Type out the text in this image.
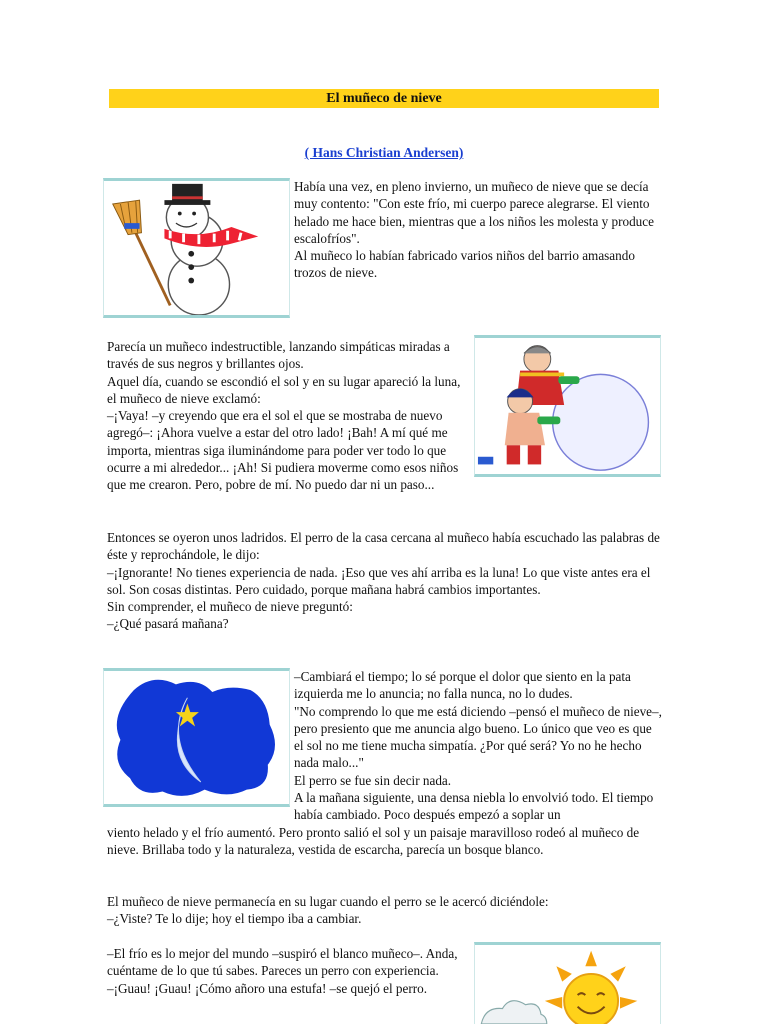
El muñeco de nieve
( Hans Christian Andersen)

Había una vez, en pleno invierno, un muñeco de nieve que se decía muy contento: "Con este frío, mi cuerpo parece alegrarse. El viento helado me hace bien, mientras que a los niños les molesta y produce escalofríos".

Al muñeco lo habían fabricado varios niños del barrio amasando trozos de nieve.

Parecía un muñeco indestructible, lanzando simpáticas miradas a través de sus negros y brillantes ojos.

Aquel día, cuando se escondió el sol y en su lugar apareció la luna, el muñeco de nieve exclamó:

–¡Vaya! –y creyendo que era el sol el que se mostraba de nuevo agregó–: ¡Ahora vuelve a estar del otro lado! ¡Bah! A mí qué me importa, mientras siga iluminándome para poder ver todo lo que ocurre a mi alrededor... ¡Ah! Si pudiera moverme como esos niños que me crearon. Pero, pobre de mí. No puedo dar ni un paso...

Entonces se oyeron unos ladridos. El perro de la casa cercana al muñeco había escuchado las palabras de éste y reprochándole, le dijo:

–¡Ignorante! No tienes experiencia de nada. ¡Eso que ves ahí arriba es la luna! Lo que viste antes era el sol. Son cosas distintas. Pero cuidado, porque mañana habrá cambios importantes.

Sin comprender, el muñeco de nieve preguntó:

–¿Qué pasará mañana?

–Cambiará el tiempo; lo sé porque el dolor que siento en la pata izquierda me lo anuncia; no falla nunca, no lo dudes.

"No comprendo lo que me está diciendo –pensó el muñeco de nieve–, pero presiento que me anuncia algo bueno. Lo único que veo es que el sol no me tiene mucha simpatía. ¿Por qué será? Yo no he hecho nada malo..."

El perro se fue sin decir nada.

A la mañana siguiente, una densa niebla lo envolvió todo. El tiempo había cambiado. Poco después empezó a soplar un

viento helado y el frío aumentó. Pero pronto salió el sol y un paisaje maravilloso rodeó al muñeco de nieve. Brillaba todo y la naturaleza, vestida de escarcha, parecía un bosque blanco.

El muñeco de nieve permanecía en su lugar cuando el perro se le acercó diciéndole:

–¿Viste? Te lo dije; hoy el tiempo iba a cambiar.

–El frío es lo mejor del mundo –suspiró el blanco muñeco–. Anda, cuéntame de lo que tú sabes. Pareces un perro con experiencia.

–¡Guau! ¡Guau! ¡Cómo añoro una estufa! –se quejó el perro.
